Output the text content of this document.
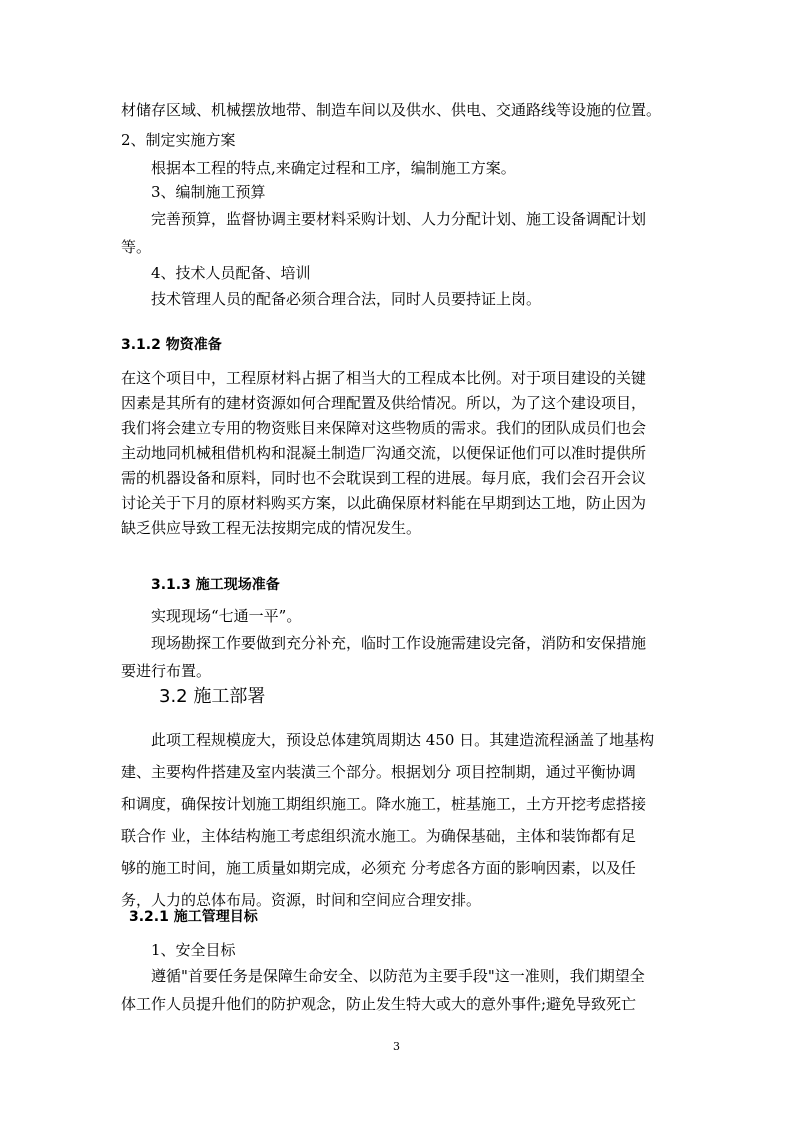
材储存区域、机械摆放地带、制造车间以及供水、供电、交通路线等设施的位置。

2、制定实施方案

根据本工程的特点,来确定过程和工序，编制施工方案。

3、编制施工预算

完善预算，监督协调主要材料采购计划、人力分配计划、施工设备调配计划
等。

4、技术人员配备、培训

技术管理人员的配备必须合理合法，同时人员要持证上岗。

3.1.2 物资准备

在这个项目中，工程原材料占据了相当大的工程成本比例。对于项目建设的关键
因素是其所有的建材资源如何合理配置及供给情况。所以，为了这个建设项目，
我们将会建立专用的物资账目来保障对这些物质的需求。我们的团队成员们也会
主动地同机械租借机构和混凝土制造厂沟通交流，以便保证他们可以准时提供所
需的机器设备和原料，同时也不会耽误到工程的进展。每月底，我们会召开会议
讨论关于下月的原材料购买方案，以此确保原材料能在早期到达工地，防止因为
缺乏供应导致工程无法按期完成的情况发生。

3.1.3 施工现场准备

实现现场“七通一平”。

现场勘探工作要做到充分补充，临时工作设施需建设完备，消防和安保措施
要进行布置。

3.2 施工部署

此项工程规模庞大，预设总体建筑周期达 450 日。其建造流程涵盖了地基构
建、主要构件搭建及室内装潢三个部分。根据划分 项目控制期，通过平衡协调
和调度，确保按计划施工期组织施工。降水施工，桩基施工，土方开挖考虑搭接
联合作 业，主体结构施工考虑组织流水施工。为确保基础，主体和装饰都有足
够的施工时间，施工质量如期完成，必须充 分考虑各方面的影响因素，以及任
务，人力的总体布局。资源，时间和空间应合理安排。

3.2.1 施工管理目标

1、安全目标

遵循"首要任务是保障生命安全、以防范为主要手段"这一准则，我们期望全
体工作人员提升他们的防护观念，防止发生特大或大的意外事件;避免导致死亡
3
